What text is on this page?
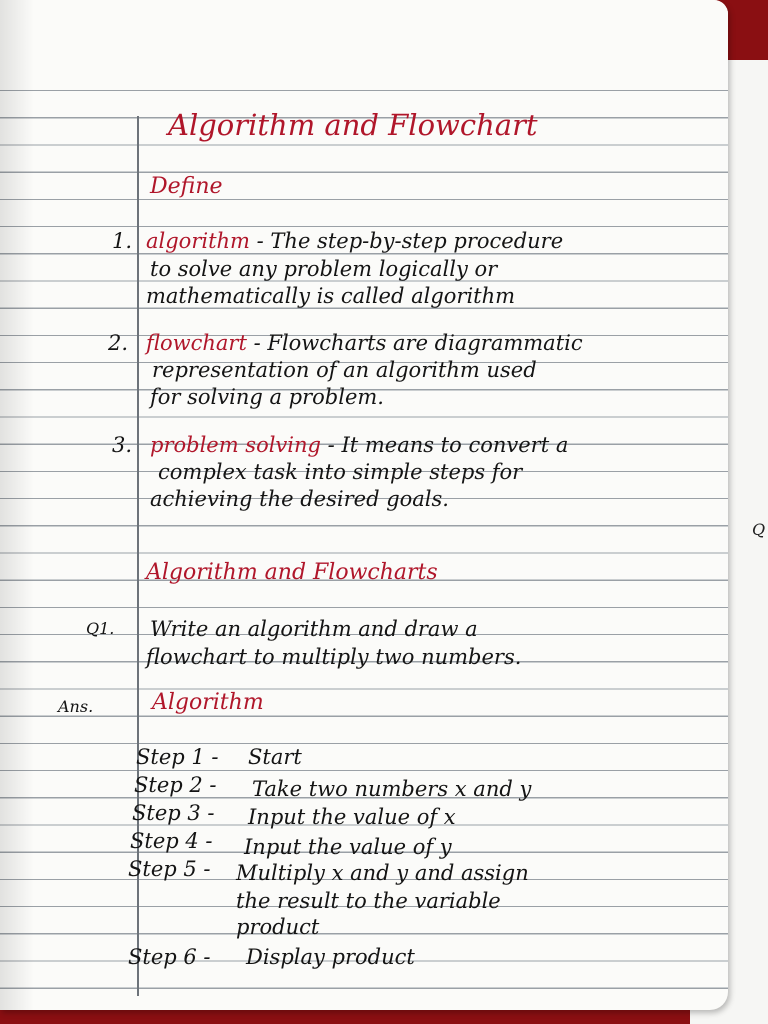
Algorithm and Flowchart
Define
1. algorithm - The step-by-step procedure
to solve any problem logically or
mathematically is called algorithm
2. flowchart - Flowcharts are diagrammatic
representation of an algorithm used
for solving a problem.
3. problem solving - It means to convert a
complex task into simple steps for
achieving the desired goals.
Algorithm and Flowcharts
Q1. Write an algorithm and draw a
flowchart to multiply two numbers.
Ans.	Algorithm
Step 1 - Start
Step 2 - Take two numbers x and y
Step 3 - Input the value of x
Step 4 - Input the value of y
Step 5 - Multiply x and y and assign
the result to the variable
product
Step 6 - Display product
Q
